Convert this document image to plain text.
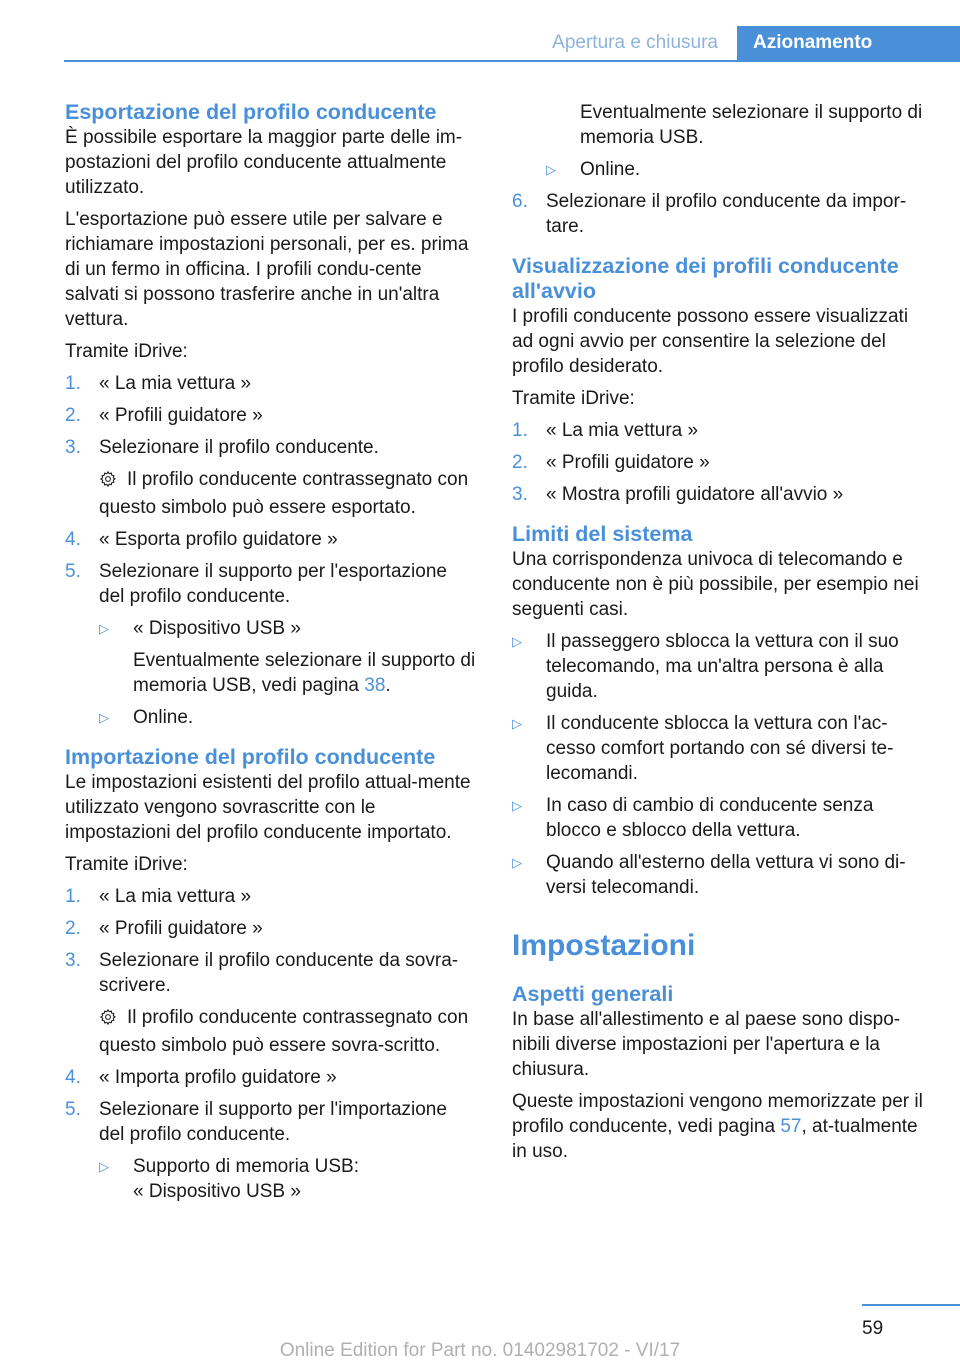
Apertura e chiusura	Azionamento
Esportazione del profilo conducente

È possibile esportare la maggior parte delle im-postazioni del profilo conducente attualmente utilizzato.

L'esportazione può essere utile per salvare e richiamare impostazioni personali, per es. prima di un fermo in officina. I profili condu-cente salvati si possono trasferire anche in un'altra vettura.

Tramite iDrive:

1. « La mia vettura »
2. « Profili guidatore »
3. Selezionare il profilo conducente.
Il profilo conducente contrassegnato con questo simbolo può essere esportato.
4. « Esporta profilo guidatore »
5. Selezionare il supporto per l'esportazione del profilo conducente.
▷ « Dispositivo USB »
Eventualmente selezionare il supporto di memoria USB, vedi pagina 38.
▷ Online.
Importazione del profilo conducente

Le impostazioni esistenti del profilo attual-mente utilizzato vengono sovrascritte con le impostazioni del profilo conducente importato.

Tramite iDrive:

1. « La mia vettura »
2. « Profili guidatore »
3. Selezionare il profilo conducente da sovra-scrivere.
Il profilo conducente contrassegnato con questo simbolo può essere sovra-scritto.
4. « Importa profilo guidatore »
5. Selezionare il supporto per l'importazione del profilo conducente.
▷ Supporto di memoria USB:
« Dispositivo USB »
Eventualmente selezionare il supporto di memoria USB.
▷ Online.
6. Selezionare il profilo conducente da impor-tare.
Visualizzazione dei profili conducente all'avvio

I profili conducente possono essere visualizzati ad ogni avvio per consentire la selezione del profilo desiderato.

Tramite iDrive:

1. « La mia vettura »
2. « Profili guidatore »
3. « Mostra profili guidatore all'avvio »
Limiti del sistema

Una corrispondenza univoca di telecomando e conducente non è più possibile, per esempio nei seguenti casi.

▷ Il passeggero sblocca la vettura con il suo telecomando, ma un'altra persona è alla guida.
▷ Il conducente sblocca la vettura con l'ac-cesso comfort portando con sé diversi te-lecomandi.
▷ In caso di cambio di conducente senza blocco e sblocco della vettura.
▷ Quando all'esterno della vettura vi sono di-versi telecomandi.
Impostazioni
Aspetti generali

In base all'allestimento e al paese sono dispo-nibili diverse impostazioni per l'apertura e la chiusura.

Queste impostazioni vengono memorizzate per il profilo conducente, vedi pagina 57, at-tualmente in uso.

59
Online Edition for Part no. 01402981702 - VI/17
